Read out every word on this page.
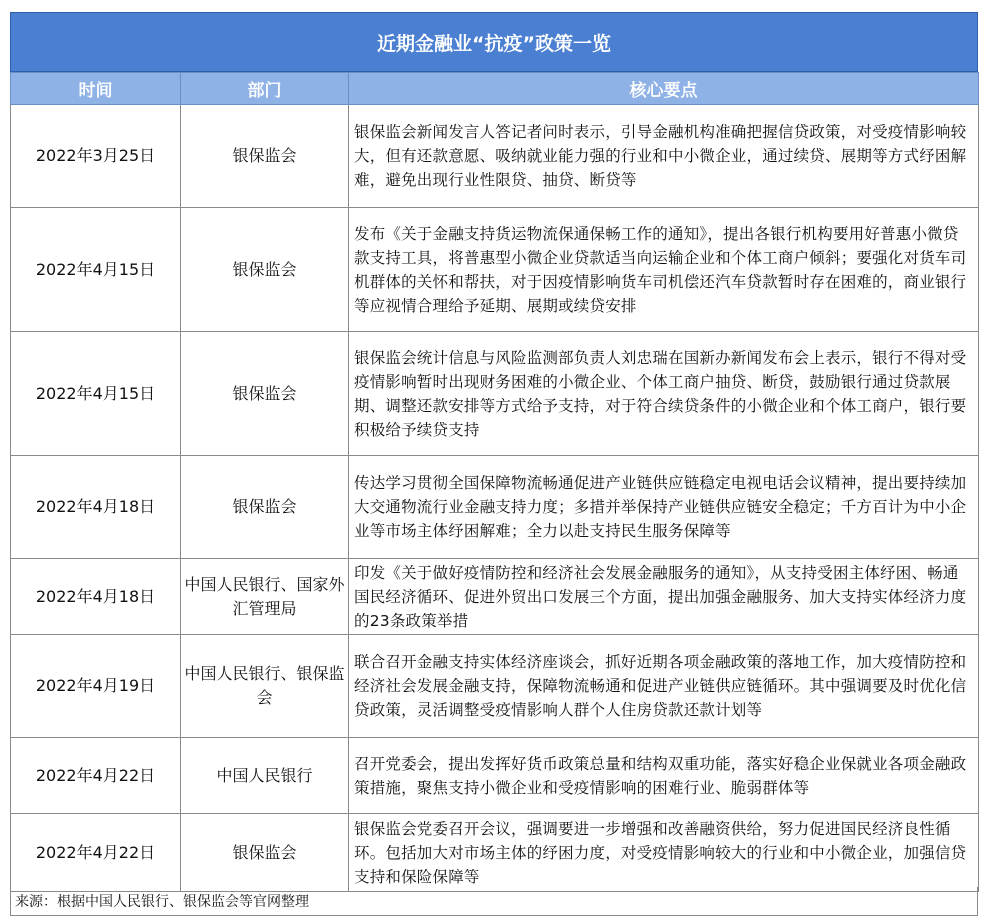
近期金融业“抗疫”政策一览
时间	部门	核心要点
2022年3月25日	银保监会	银保监会新闻发言人答记者问时表示，引导金融机构准确把握信贷政策，对受疫情影响较大，但有还款意愿、吸纳就业能力强的行业和中小微企业，通过续贷、展期等方式纾困解难，避免出现行业性限贷、抽贷、断贷等
2022年4月15日	银保监会	发布《关于金融支持货运物流保通保畅工作的通知》，提出各银行机构要用好普惠小微贷款支持工具，将普惠型小微企业贷款适当向运输企业和个体工商户倾斜；要强化对货车司机群体的关怀和帮扶，对于因疫情影响货车司机偿还汽车贷款暂时存在困难的，商业银行等应视情合理给予延期、展期或续贷安排
2022年4月15日	银保监会	银保监会统计信息与风险监测部负责人刘忠瑞在国新办新闻发布会上表示，银行不得对受疫情影响暂时出现财务困难的小微企业、个体工商户抽贷、断贷，鼓励银行通过贷款展期、调整还款安排等方式给予支持，对于符合续贷条件的小微企业和个体工商户，银行要积极给予续贷支持
2022年4月18日	银保监会	传达学习贯彻全国保障物流畅通促进产业链供应链稳定电视电话会议精神，提出要持续加大交通物流行业金融支持力度；多措并举保持产业链供应链安全稳定；千方百计为中小企业等市场主体纾困解难；全力以赴支持民生服务保障等
2022年4月18日	中国人民银行、国家外汇管理局	印发《关于做好疫情防控和经济社会发展金融服务的通知》，从支持受困主体纾困、畅通国民经济循环、促进外贸出口发展三个方面，提出加强金融服务、加大支持实体经济力度的23条政策举措
2022年4月19日	中国人民银行、银保监会	联合召开金融支持实体经济座谈会，抓好近期各项金融政策的落地工作，加大疫情防控和经济社会发展金融支持，保障物流畅通和促进产业链供应链循环。其中强调要及时优化信贷政策，灵活调整受疫情影响人群个人住房贷款还款计划等
2022年4月22日	中国人民银行	召开党委会，提出发挥好货币政策总量和结构双重功能，落实好稳企业保就业各项金融政策措施，聚焦支持小微企业和受疫情影响的困难行业、脆弱群体等
2022年4月22日	银保监会	银保监会党委召开会议，强调要进一步增强和改善融资供给，努力促进国民经济良性循环。包括加大对市场主体的纾困力度，对受疫情影响较大的行业和中小微企业，加强信贷支持和保险保障等
来源：根据中国人民银行、银保监会等官网整理
